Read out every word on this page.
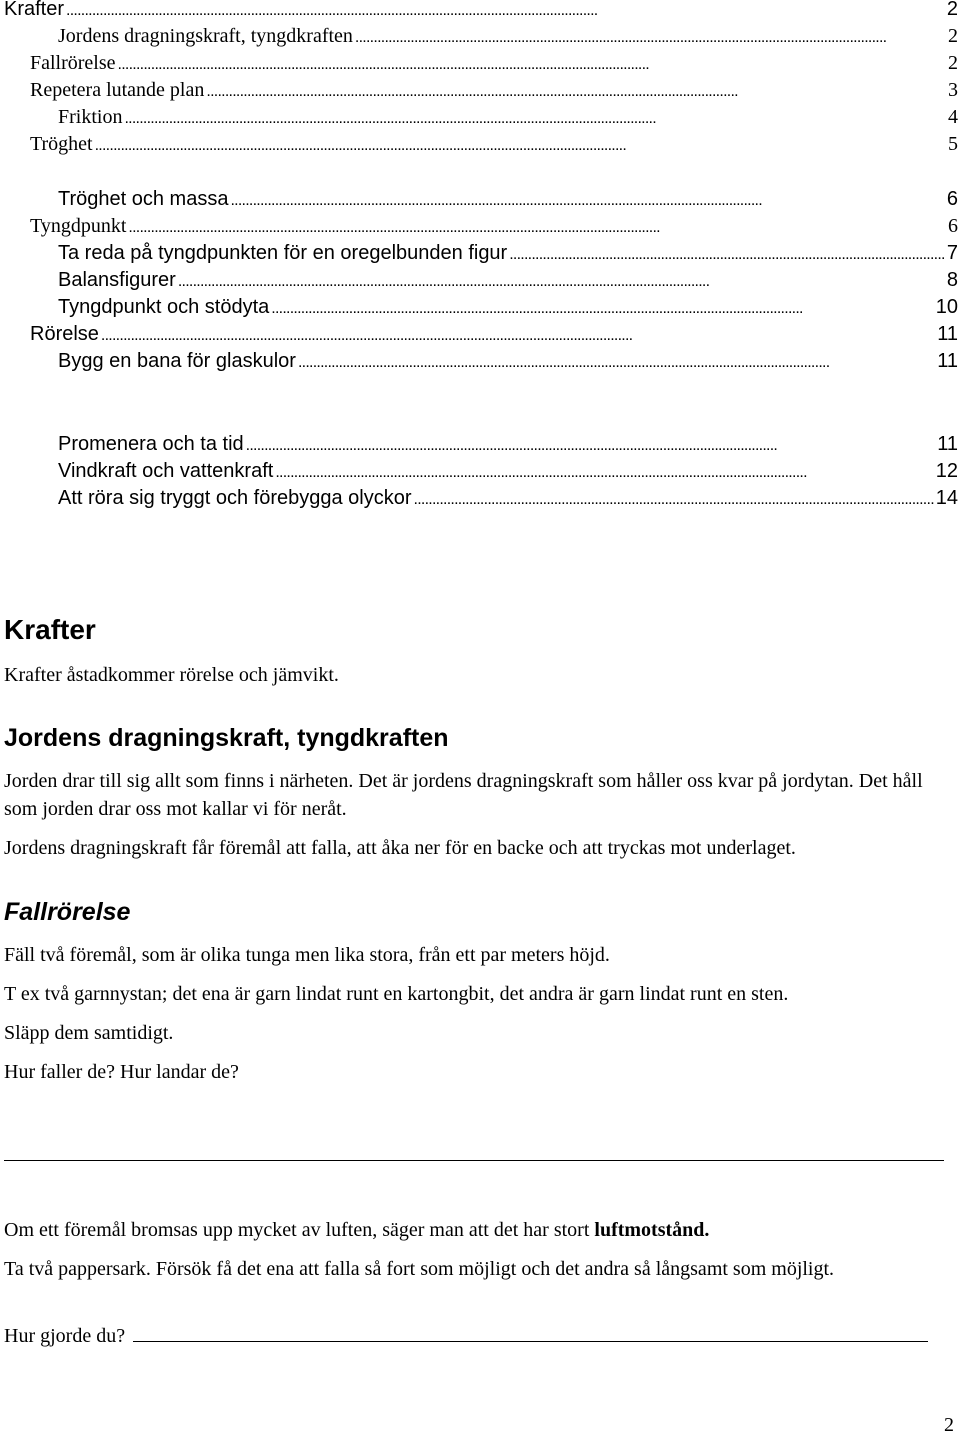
Krafter . . .	2
Jordens dragningskraft, tyngdkraften . . .	2
Fallrörelse . . .	2
Repetera lutande plan . . .	3
Friktion . . .	4
Tröghet . . .	5
Tröghet och massa . . .	6
Tyngdpunkt . . .	6
Ta reda på tyngdpunkten för en oregelbunden figur . . .	7
Balansfigurer . . .	8
Tyngdpunkt och stödyta . . .	10
Rörelse . . .	11
Bygg en bana för glaskulor . . .	11
Promenera och ta tid . . .	11
Vindkraft och vattenkraft . . .	12
Att röra sig tryggt och förebygga olyckor . . .	14
Krafter
Krafter åstadkommer rörelse och jämvikt.
Jordens dragningskraft, tyngdkraften
Jorden drar till sig allt som finns i närheten. Det är jordens dragningskraft som håller oss kvar på jordytan. Det håll som jorden drar oss mot kallar vi för neråt.
Jordens dragningskraft får föremål att falla, att åka ner för en backe och att tryckas mot underlaget.
Fallrörelse
Fäll två föremål, som är olika tunga men lika stora, från ett par meters höjd.
T ex två garnnystan; det ena är garn lindat runt en kartongbit, det andra är garn lindat runt en sten.
Släpp dem samtidigt.
Hur faller de? Hur landar de?
Om ett föremål bromsas upp mycket av luften, säger man att det har stort luftmotstånd.
Ta två pappersark. Försök få det ena att falla så fort som möjligt och det andra så långsamt som möjligt.
Hur gjorde du?
2
